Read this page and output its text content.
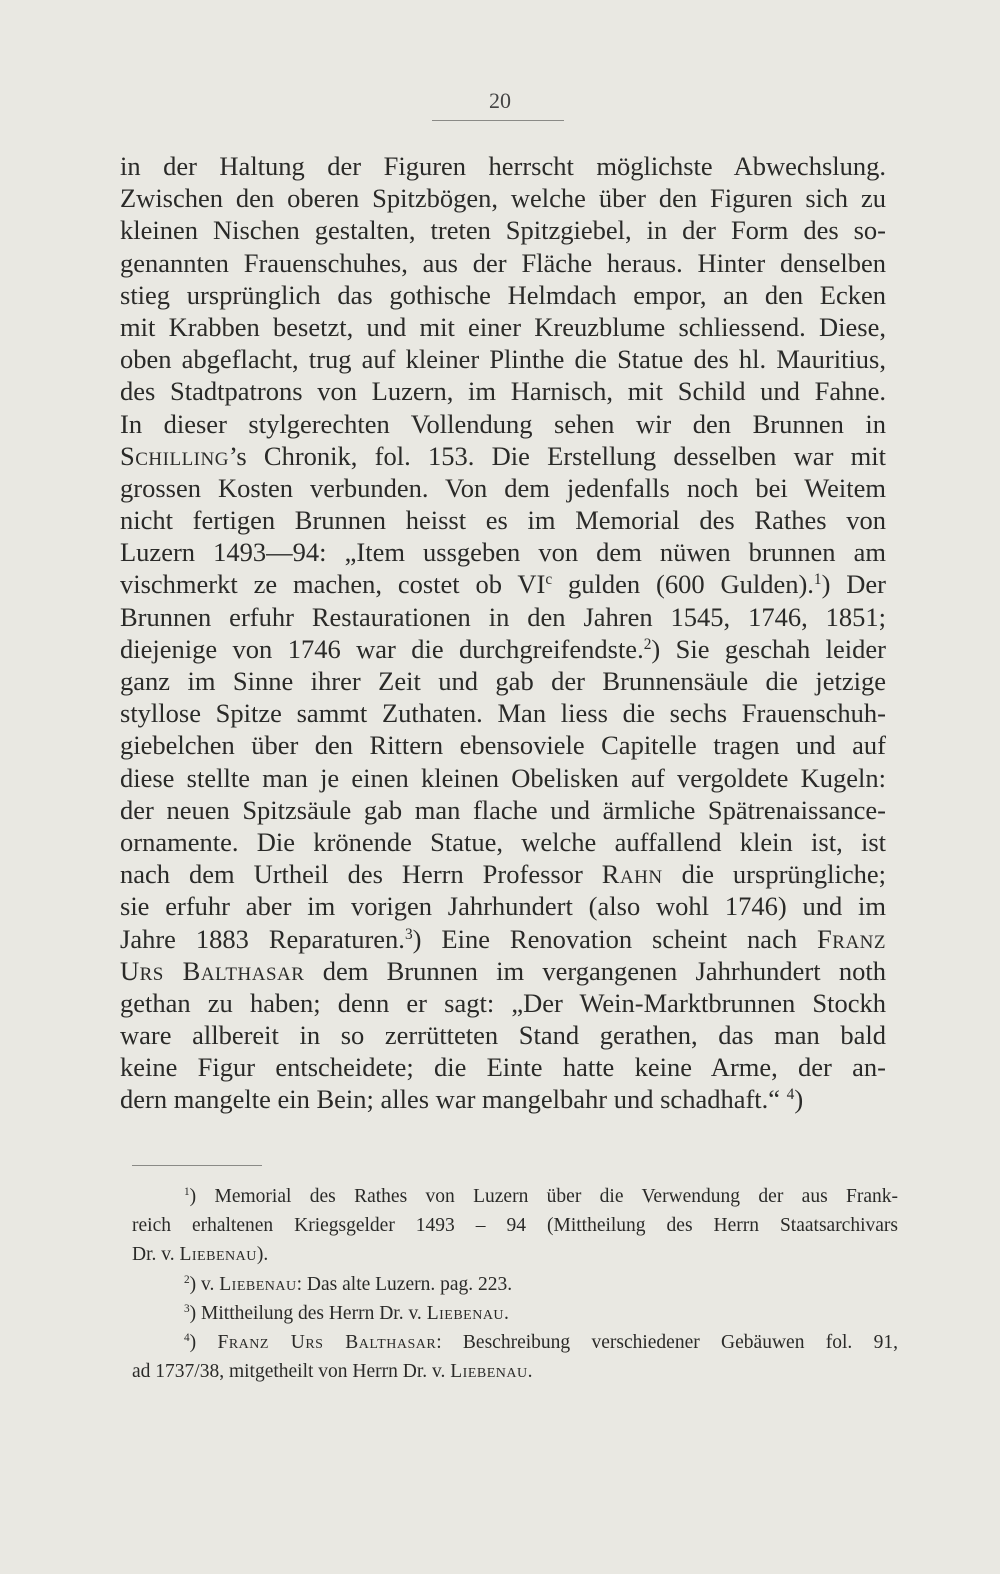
20
in der Haltung der Figuren herrscht möglichste Abwechslung.
Zwischen den oberen Spitzbögen, welche über den Figuren sich zu
kleinen Nischen gestalten, treten Spitzgiebel, in der Form des so-
genannten Frauenschuhes, aus der Fläche heraus. Hinter denselben
stieg ursprünglich das gothische Helmdach empor, an den Ecken
mit Krabben besetzt, und mit einer Kreuzblume schliessend. Diese,
oben abgeflacht, trug auf kleiner Plinthe die Statue des hl. Mauritius,
des Stadtpatrons von Luzern, im Harnisch, mit Schild und Fahne.
In dieser stylgerechten Vollendung sehen wir den Brunnen in
Schilling’s Chronik, fol. 153. Die Erstellung desselben war mit
grossen Kosten verbunden. Von dem jedenfalls noch bei Weitem
nicht fertigen Brunnen heisst es im Memorial des Rathes von
Luzern 1493—94: „Item ussgeben von dem nüwen brunnen am
vischmerkt ze machen, costet ob $VI^c$ gulden (600 Gulden).$^1$) Der
Brunnen erfuhr Restaurationen in den Jahren 1545, 1746, 1851;
diejenige von 1746 war die durchgreifendste.$^2$) Sie geschah leider
ganz im Sinne ihrer Zeit und gab der Brunnensäule die jetzige
styllose Spitze sammt Zuthaten. Man liess die sechs Frauenschuh-
giebelchen über den Rittern ebensoviele Capitelle tragen und auf
diese stellte man je einen kleinen Obelisken auf vergoldete Kugeln:
der neuen Spitzsäule gab man flache und ärmliche Spätrenaissance-
ornamente. Die krönende Statue, welche auffallend klein ist, ist
nach dem Urtheil des Herrn Professor Rahn die ursprüngliche;
sie erfuhr aber im vorigen Jahrhundert (also wohl 1746) und im
Jahre 1883 Reparaturen.$^3$) Eine Renovation scheint nach Franz
Urs Balthasar dem Brunnen im vergangenen Jahrhundert noth
gethan zu haben; denn er sagt: „Der Wein-Marktbrunnen Stockh
ware allbereit in so zerrütteten Stand gerathen, das man bald
keine Figur entscheidete; die Einte hatte keine Arme, der an-
dern mangelte ein Bein; alles war mangelbahr und schadhaft.“ $^4$)
$^1$) Memorial des Rathes von Luzern über die Verwendung der aus Frank-
reich erhaltenen Kriegsgelder 1493 – 94 (Mittheilung des Herrn Staatsarchivars
Dr. v. Liebenau).
$^2$) v. Liebenau: Das alte Luzern. pag. 223.
$^3$) Mittheilung des Herrn Dr. v. Liebenau.
$^4$) Franz Urs Balthasar: Beschreibung verschiedener Gebäuwen fol. 91,
ad 1737/38, mitgetheilt von Herrn Dr. v. Liebenau.
